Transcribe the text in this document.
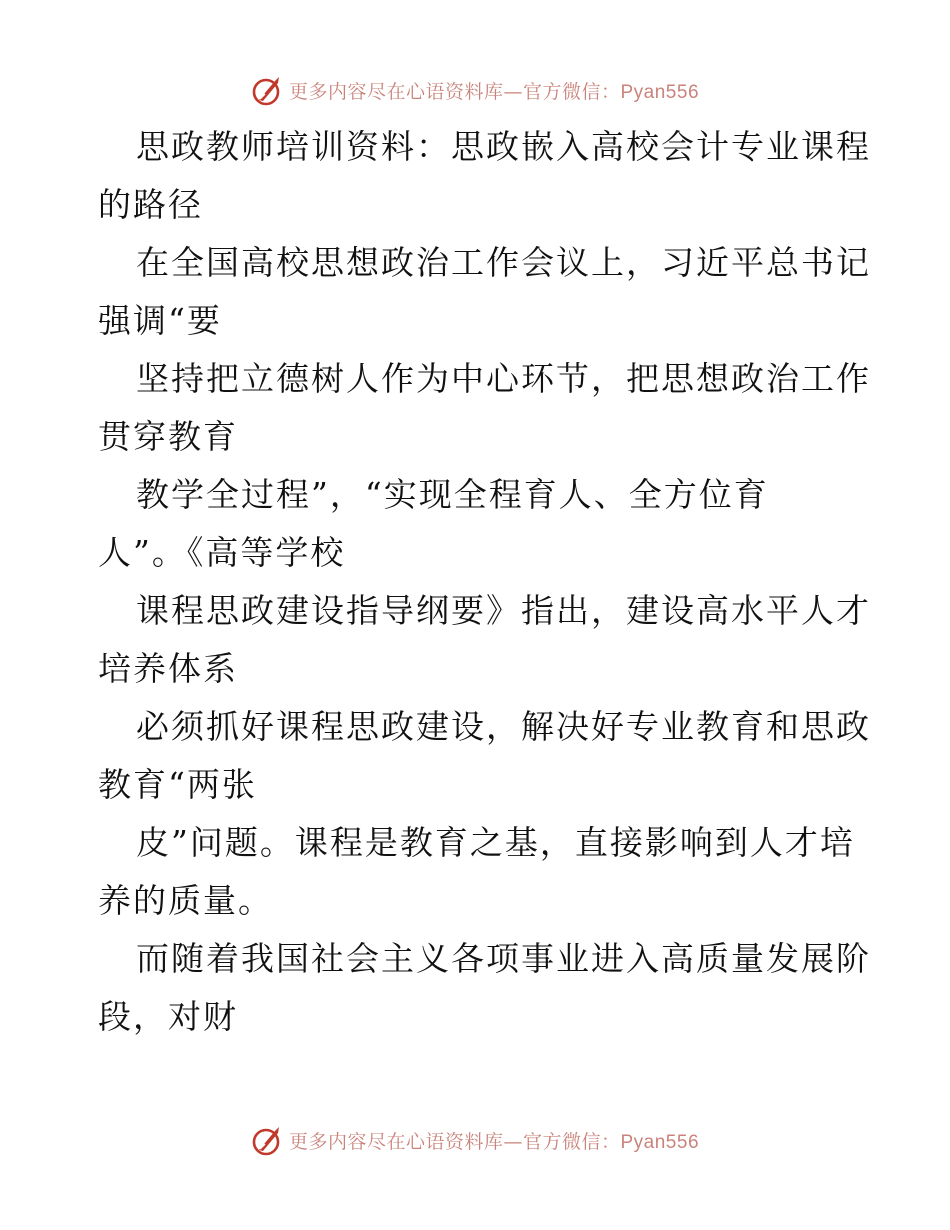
更多内容尽在心语资料库—官方微信：Pyan556
思政教师培训资料：思政嵌入高校会计专业课程
的路径
在全国高校思想政治工作会议上，习近平总书记
强调“要
坚持把立德树人作为中心环节，把思想政治工作
贯穿教育
教学全过程”，“实现全程育人、全方位育
人”。《高等学校
课程思政建设指导纲要》指出，建设高水平人才
培养体系
必须抓好课程思政建设，解决好专业教育和思政
教育“两张
皮”问题。课程是教育之基，直接影响到人才培
养的质量。
而随着我国社会主义各项事业进入高质量发展阶
段，对财
更多内容尽在心语资料库—官方微信：Pyan556
